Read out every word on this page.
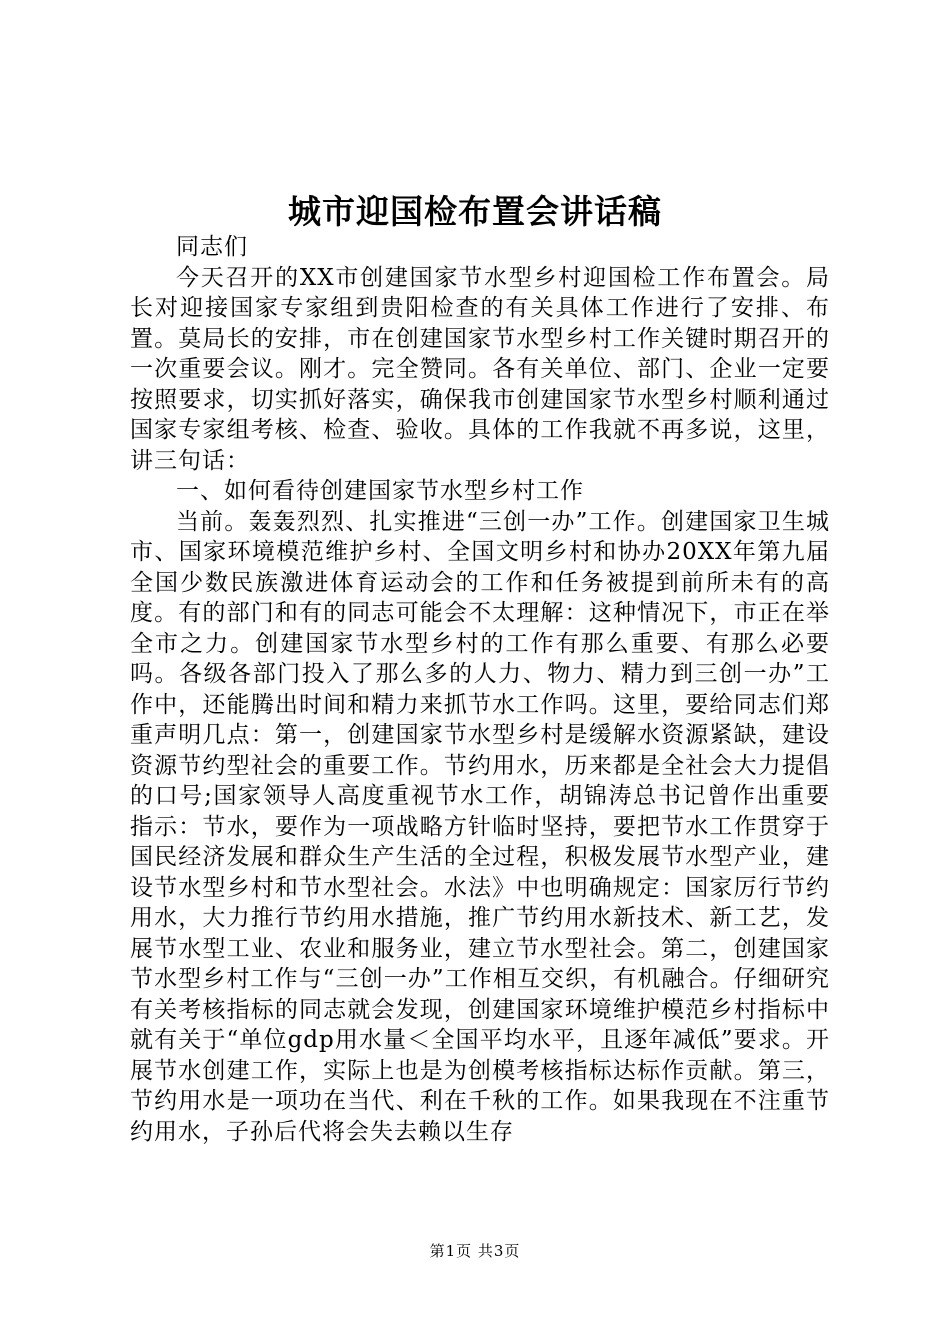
城市迎国检布置会讲话稿

同志们

今天召开的XX市创建国家节水型乡村迎国检工作布置会。局长对迎接国家专家组到贵阳检查的有关具体工作进行了安排、布置。莫局长的安排，市在创建国家节水型乡村工作关键时期召开的一次重要会议。刚才。完全赞同。各有关单位、部门、企业一定要按照要求，切实抓好落实，确保我市创建国家节水型乡村顺利通过国家专家组考核、检查、验收。具体的工作我就不再多说，这里，讲三句话：

一、如何看待创建国家节水型乡村工作

当前。轰轰烈烈、扎实推进“三创一办”工作。创建国家卫生城市、国家环境模范维护乡村、全国文明乡村和协办20XX年第九届全国少数民族激进体育运动会的工作和任务被提到前所未有的高度。有的部门和有的同志可能会不太理解：这种情况下，市正在举全市之力。创建国家节水型乡村的工作有那么重要、有那么必要吗。各级各部门投入了那么多的人力、物力、精力到三创一办”工作中，还能腾出时间和精力来抓节水工作吗。这里，要给同志们郑重声明几点：第一，创建国家节水型乡村是缓解水资源紧缺，建设资源节约型社会的重要工作。节约用水，历来都是全社会大力提倡的口号;国家领导人高度重视节水工作，胡锦涛总书记曾作出重要指示：节水，要作为一项战略方针临时坚持，要把节水工作贯穿于国民经济发展和群众生产生活的全过程，积极发展节水型产业，建设节水型乡村和节水型社会。水法》中也明确规定：国家厉行节约用水，大力推行节约用水措施，推广节约用水新技术、新工艺，发展节水型工业、农业和服务业，建立节水型社会。第二，创建国家节水型乡村工作与“三创一办”工作相互交织，有机融合。仔细研究有关考核指标的同志就会发现，创建国家环境维护模范乡村指标中就有关于“单位gdp用水量＜全国平均水平，且逐年减低”要求。开展节水创建工作，实际上也是为创模考核指标达标作贡献。第三，节约用水是一项功在当代、利在千秋的工作。如果我现在不注重节约用水，子孙后代将会失去赖以生存

第1页 共3页
